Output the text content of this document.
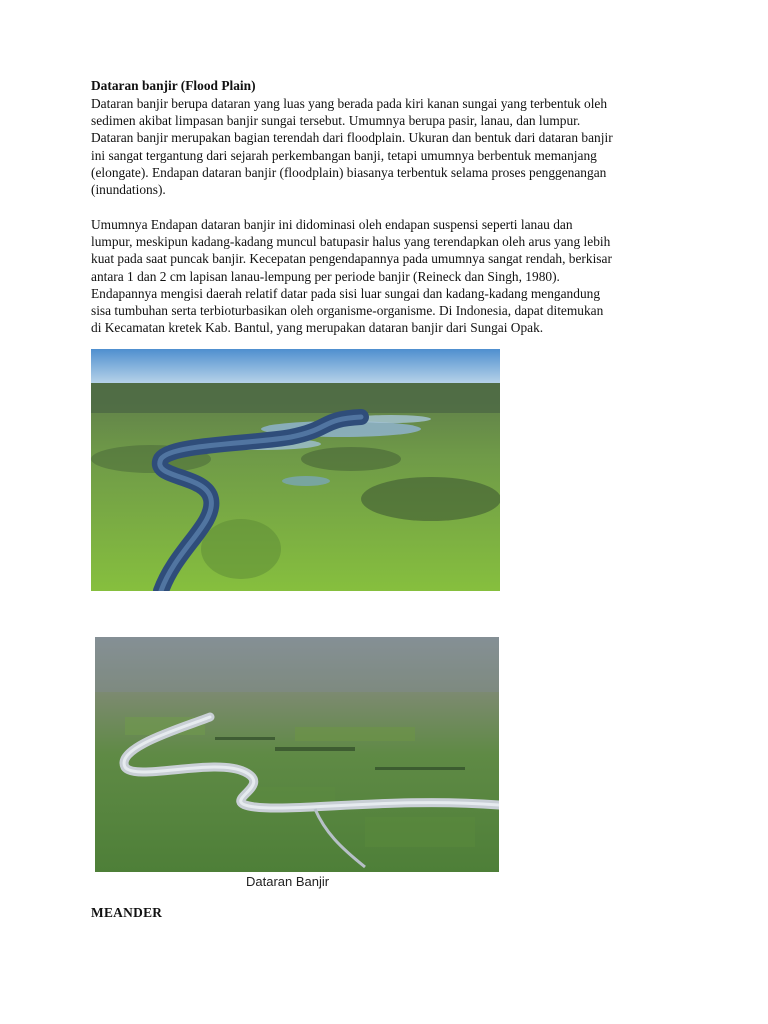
Dataran banjir (Flood Plain)

Dataran banjir berupa dataran yang luas yang berada pada kiri kanan sungai yang terbentuk oleh
sedimen akibat limpasan banjir sungai tersebut. Umumnya berupa pasir, lanau, dan lumpur.
Dataran banjir merupakan bagian terendah dari floodplain. Ukuran dan bentuk dari dataran banjir
ini sangat tergantung dari sejarah perkembangan banji, tetapi umumnya berbentuk memanjang
(elongate). Endapan dataran banjir (floodplain) biasanya terbentuk selama proses penggenangan
(inundations).

Umumnya Endapan dataran banjir ini didominasi oleh endapan suspensi seperti lanau dan
lumpur, meskipun kadang-kadang muncul batupasir halus yang terendapkan oleh arus yang lebih
kuat pada saat puncak banjir. Kecepatan pengendapannya pada umumnya sangat rendah, berkisar
antara 1 dan 2 cm lapisan lanau-lempung per periode banjir (Reineck dan Singh, 1980).
Endapannya mengisi daerah relatif datar pada sisi luar sungai dan kadang-kadang mengandung
sisa tumbuhan serta terbioturbasikan oleh organisme-organisme. Di Indonesia, dapat ditemukan
di Kecamatan kretek Kab. Bantul, yang merupakan dataran banjir dari Sungai Opak.

Dataran Banjir
MEANDER
